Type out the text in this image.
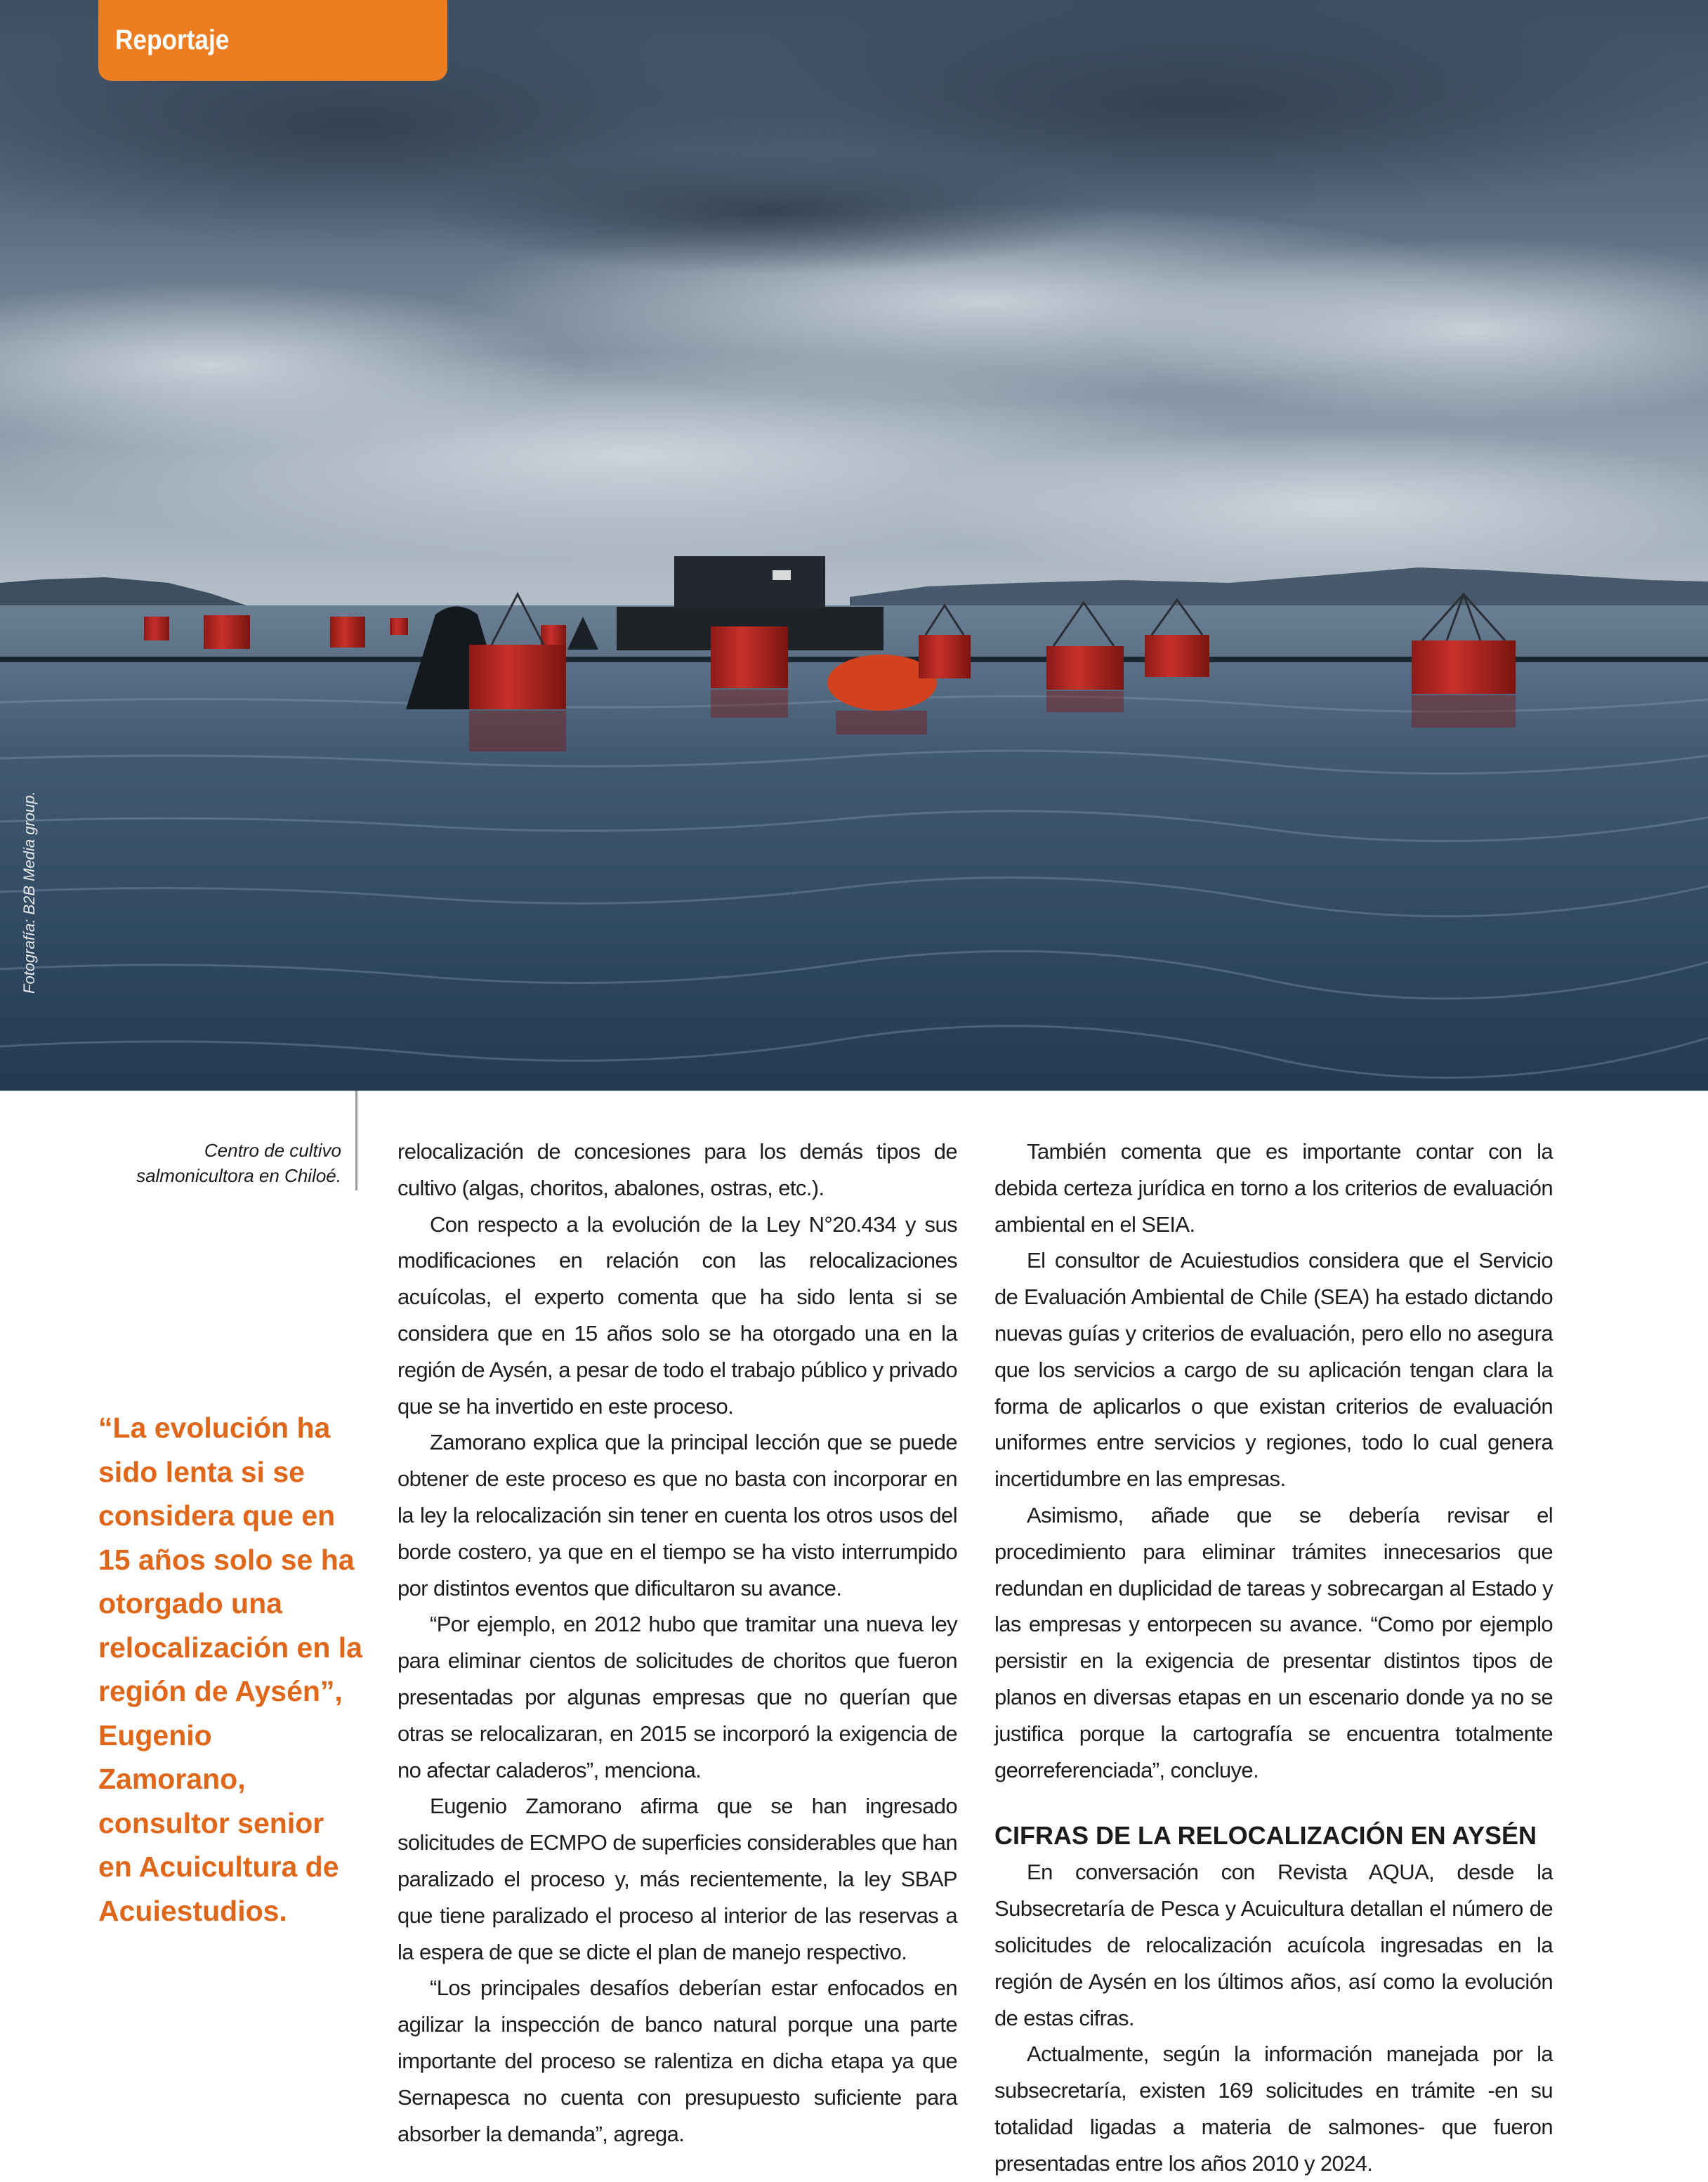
Reportaje
Fotografía: B2B Media group.
Centro de cultivo salmonicultora en Chiloé.
“La evolución ha sido lenta si se considera que en 15 años solo se ha otorgado una relocalización en la región de Aysén”, Eugenio Zamorano, consultor senior en Acuicultura de Acuiestudios.

relocalización de concesiones para los demás tipos de cultivo (algas, choritos, abalones, ostras, etc.).

Con respecto a la evolución de la Ley N°20.434 y sus modificaciones en relación con las relocalizaciones acuícolas, el experto comenta que ha sido lenta si se considera que en 15 años solo se ha otorgado una en la región de Aysén, a pesar de todo el trabajo público y privado que se ha invertido en este proceso.

Zamorano explica que la principal lección que se puede obtener de este proceso es que no basta con incorporar en la ley la relocalización sin tener en cuenta los otros usos del borde costero, ya que en el tiempo se ha visto interrumpido por distintos eventos que dificultaron su avance.

“Por ejemplo, en 2012 hubo que tramitar una nueva ley para eliminar cientos de solicitudes de choritos que fueron presentadas por algunas empresas que no querían que otras se relocalizaran, en 2015 se incorporó la exigencia de no afectar caladeros”, menciona.

Eugenio Zamorano afirma que se han ingresado solicitudes de ECMPO de superficies considerables que han paralizado el proceso y, más recientemente, la ley SBAP que tiene paralizado el proceso al interior de las reservas a la espera de que se dicte el plan de manejo respectivo.

“Los principales desafíos deberían estar enfocados en agilizar la inspección de banco natural porque una parte importante del proceso se ralentiza en dicha etapa ya que Sernapesca no cuenta con presupuesto suficiente para absorber la demanda”, agrega.

También comenta que es importante contar con la debida certeza jurídica en torno a los criterios de evaluación ambiental en el SEIA.

El consultor de Acuiestudios considera que el Servicio de Evaluación Ambiental de Chile (SEA) ha estado dictando nuevas guías y criterios de evaluación, pero ello no asegura que los servicios a cargo de su aplicación tengan clara la forma de aplicarlos o que existan criterios de evaluación uniformes entre servicios y regiones, todo lo cual genera incertidumbre en las empresas.

Asimismo, añade que se debería revisar el procedimiento para eliminar trámites innecesarios que redundan en duplicidad de tareas y sobrecargan al Estado y las empresas y entorpecen su avance. “Como por ejemplo persistir en la exigencia de presentar distintos tipos de planos en diversas etapas en un escenario donde ya no se justifica porque la cartografía se encuentra totalmente georreferenciada”, concluye.

CIFRAS DE LA RELOCALIZACIÓN EN AYSÉN

En conversación con Revista AQUA, desde la Subsecretaría de Pesca y Acuicultura detallan el número de solicitudes de relocalización acuícola ingresadas en la región de Aysén en los últimos años, así como la evolución de estas cifras.

Actualmente, según la información manejada por la subsecretaría, existen 169 solicitudes en trámite -en su totalidad ligadas a materia de salmones- que fueron presentadas entre los años 2010 y 2024.
